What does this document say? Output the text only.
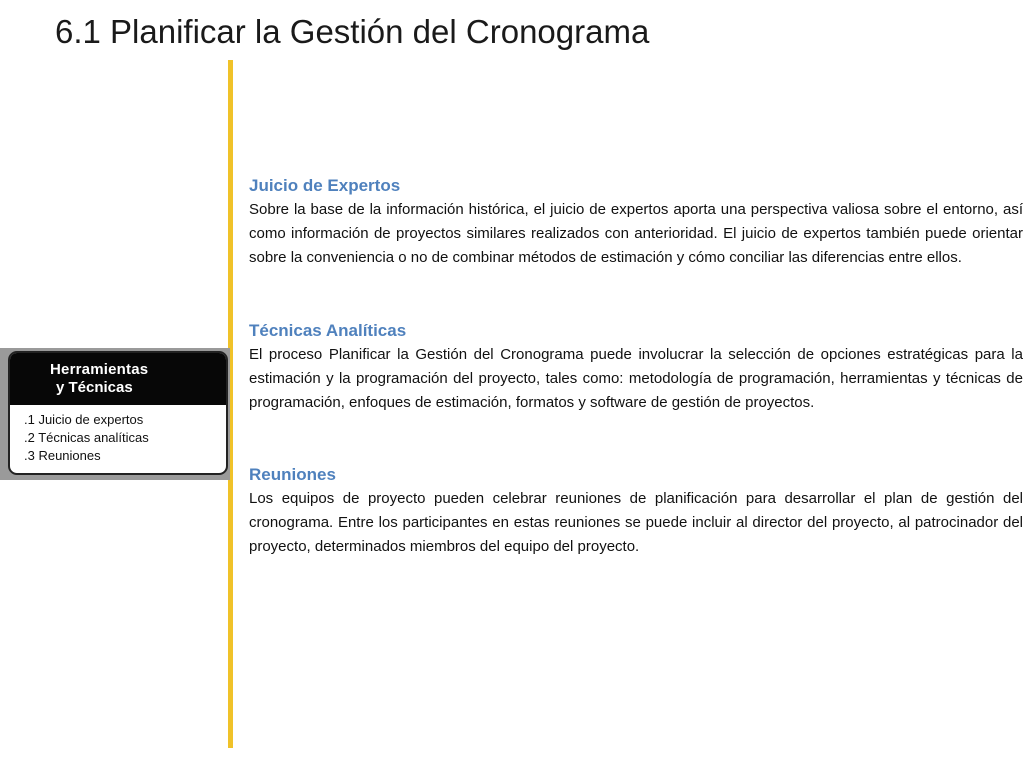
6.1 Planificar la Gestión del Cronograma
Herramientas
y Técnicas
.1 Juicio de expertos
.2 Técnicas analíticas
.3 Reuniones

Juicio de Expertos

Sobre la base de la información histórica, el juicio de expertos aporta una perspectiva valiosa sobre el entorno, así como información de proyectos similares realizados con anterioridad. El juicio de expertos también puede orientar sobre la conveniencia o no de combinar métodos de estimación y cómo conciliar las diferencias entre ellos.

Técnicas Analíticas

El proceso Planificar la Gestión del Cronograma puede involucrar la selección de opciones estratégicas para la estimación y la programación del proyecto, tales como: metodología de programación, herramientas y técnicas de programación, enfoques de estimación, formatos y software de gestión de proyectos.

Reuniones

Los equipos de proyecto pueden celebrar reuniones de planificación para desarrollar el plan de gestión del cronograma. Entre los participantes en estas reuniones se puede incluir al director del proyecto, al patrocinador del proyecto, determinados miembros del equipo del proyecto.
